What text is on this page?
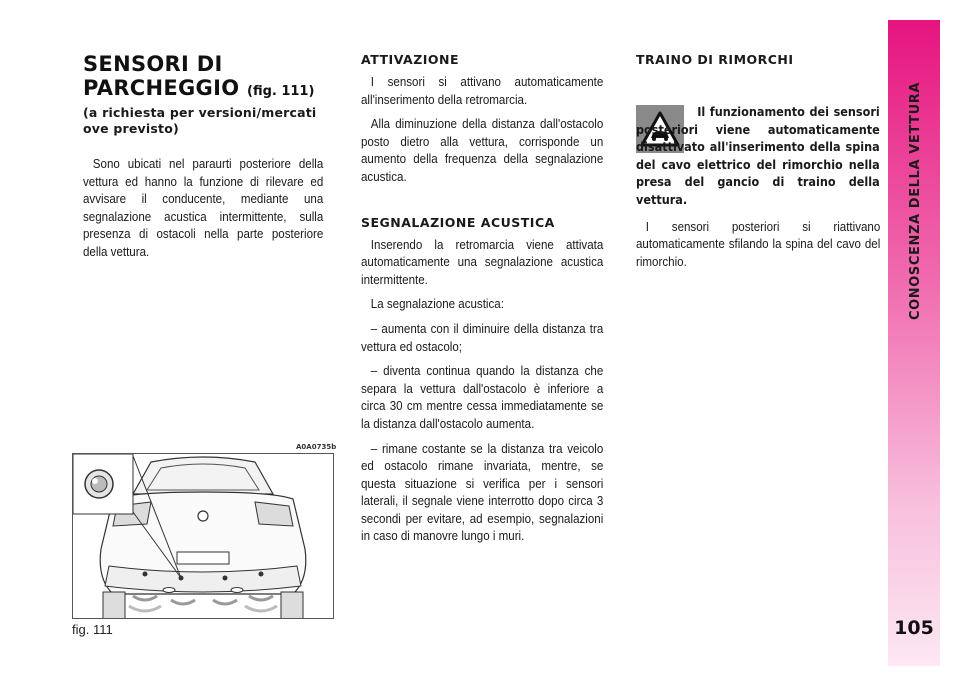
SENSORI DI
PARCHEGGIO (fig. 111)
(a richiesta per versioni/mercati ove previsto)

Sono ubicati nel paraurti posteriore della vettura ed hanno la funzione di rilevare ed avvisare il conducente, mediante una segnalazione acustica intermittente, sulla presenza di ostacoli nella parte posteriore della vettura.

A0A0735b
fig. 111
ATTIVAZIONE

I sensori si attivano automaticamente all'inserimento della retromarcia.

Alla diminuzione della distanza dall'ostacolo posto dietro alla vettura, corrisponde un aumento della frequenza della segnalazione acustica.

SEGNALAZIONE ACUSTICA

Inserendo la retromarcia viene attivata automaticamente una segnalazione acustica intermittente.

La segnalazione acustica:

– aumenta con il diminuire della distanza tra vettura ed ostacolo;

– diventa continua quando la distanza che separa la vettura dall'ostacolo è inferiore a circa 30 cm mentre cessa immediatamente se la distanza dall'ostacolo aumenta.

– rimane costante se la distanza tra veicolo ed ostacolo rimane invariata, mentre, se questa situazione si verifica per i sensori laterali, il segnale viene interrotto dopo circa 3 secondi per evitare, ad esempio, segnalazioni in caso di manovre lungo i muri.

TRAINO DI RIMORCHI

Il funzionamento dei sensori posteriori viene automaticamente disattivato all'inserimento della spina del cavo elettrico del rimorchio nella presa del gancio di traino della vettura.

I sensori posteriori si riattivano automaticamente sfilando la spina del cavo del rimorchio.	CONOSCENZA DELLA VETTURA
105
